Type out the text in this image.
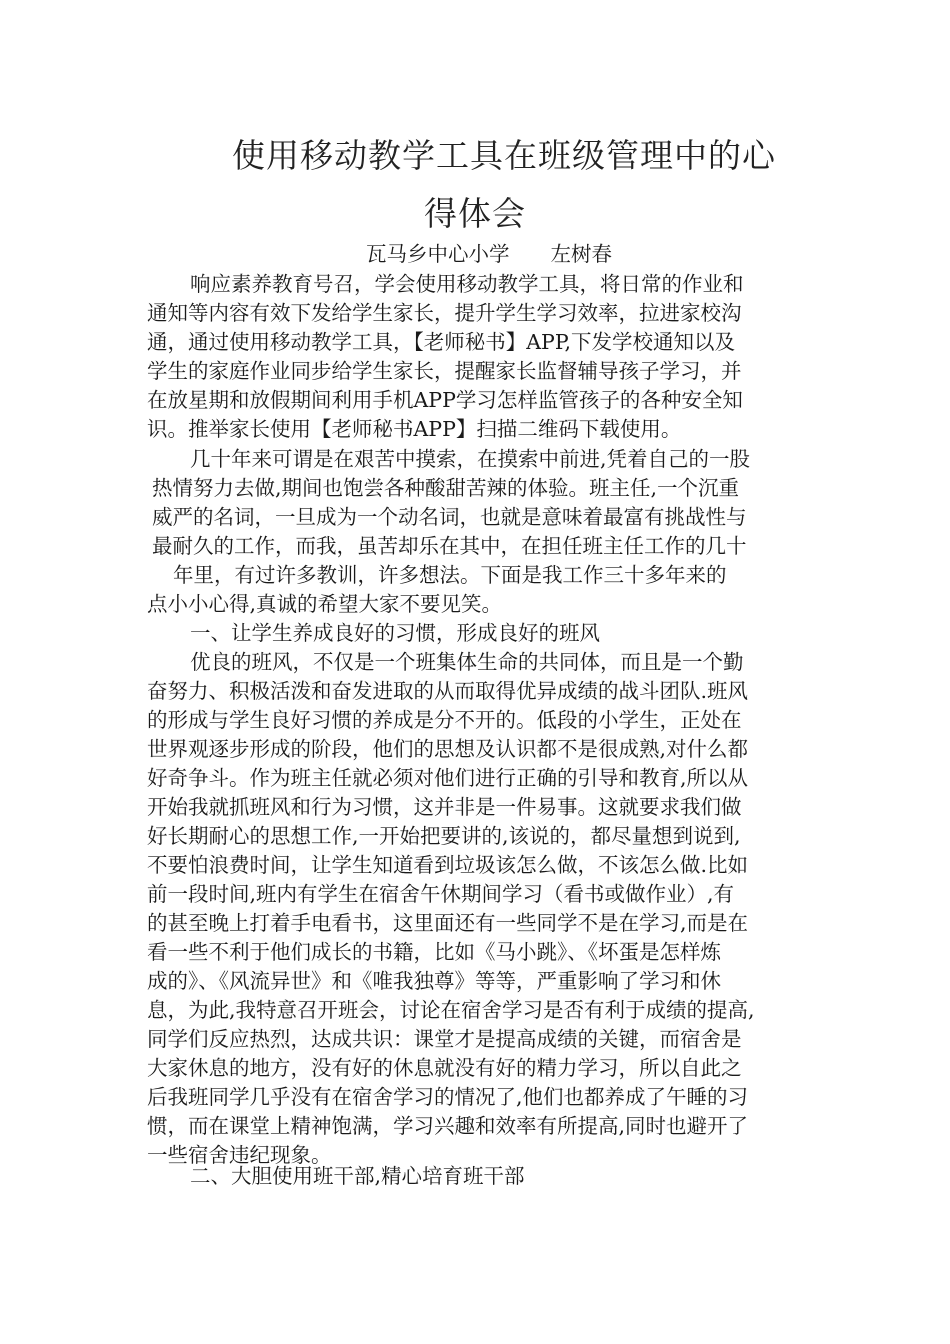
使用移动教学工具在班级管理中的心
得体会
瓦马乡中心小学　　左树春
响应素养教育号召，学会使用移动教学工具，将日常的作业和
通知等内容有效下发给学生家长，提升学生学习效率，拉进家校沟
通，通过使用移动教学工具，【老师秘书】APP,下发学校通知以及
学生的家庭作业同步给学生家长，提醒家长监督辅导孩子学习，并
在放星期和放假期间利用手机APP学习怎样监管孩子的各种安全知
识。推举家长使用【老师秘书APP】扫描二维码下载使用。
几十年来可谓是在艰苦中摸索，在摸索中前进,凭着自己的一股
热情努力去做,期间也饱尝各种酸甜苦辣的体验。班主任,一个沉重
威严的名词，一旦成为一个动名词，也就是意味着最富有挑战性与
最耐久的工作，而我，虽苦却乐在其中，在担任班主任工作的几十
年里，有过许多教训，许多想法。下面是我工作三十多年来的
点小小心得,真诚的希望大家不要见笑。
一、让学生养成良好的习惯，形成良好的班风
优良的班风，不仅是一个班集体生命的共同体，而且是一个勤
奋努力、积极活泼和奋发进取的从而取得优异成绩的战斗团队.班风
的形成与学生良好习惯的养成是分不开的。低段的小学生，正处在
世界观逐步形成的阶段，他们的思想及认识都不是很成熟,对什么都
好奇争斗。作为班主任就必须对他们进行正确的引导和教育,所以从
开始我就抓班风和行为习惯，这并非是一件易事。这就要求我们做
好长期耐心的思想工作,一开始把要讲的,该说的，都尽量想到说到,
不要怕浪费时间，让学生知道看到垃圾该怎么做，不该怎么做.比如
前一段时间,班内有学生在宿舍午休期间学习（看书或做作业）,有
的甚至晚上打着手电看书，这里面还有一些同学不是在学习,而是在
看一些不利于他们成长的书籍，比如《马小跳》、《坏蛋是怎样炼
成的》、《风流异世》和《唯我独尊》等等，严重影响了学习和休
息，为此,我特意召开班会，讨论在宿舍学习是否有利于成绩的提高,
同学们反应热烈，达成共识：课堂才是提高成绩的关键，而宿舍是
大家休息的地方，没有好的休息就没有好的精力学习，所以自此之
后我班同学几乎没有在宿舍学习的情况了,他们也都养成了午睡的习
惯，而在课堂上精神饱满，学习兴趣和效率有所提高,同时也避开了
一些宿舍违纪现象。
二、大胆使用班干部,精心培育班干部
